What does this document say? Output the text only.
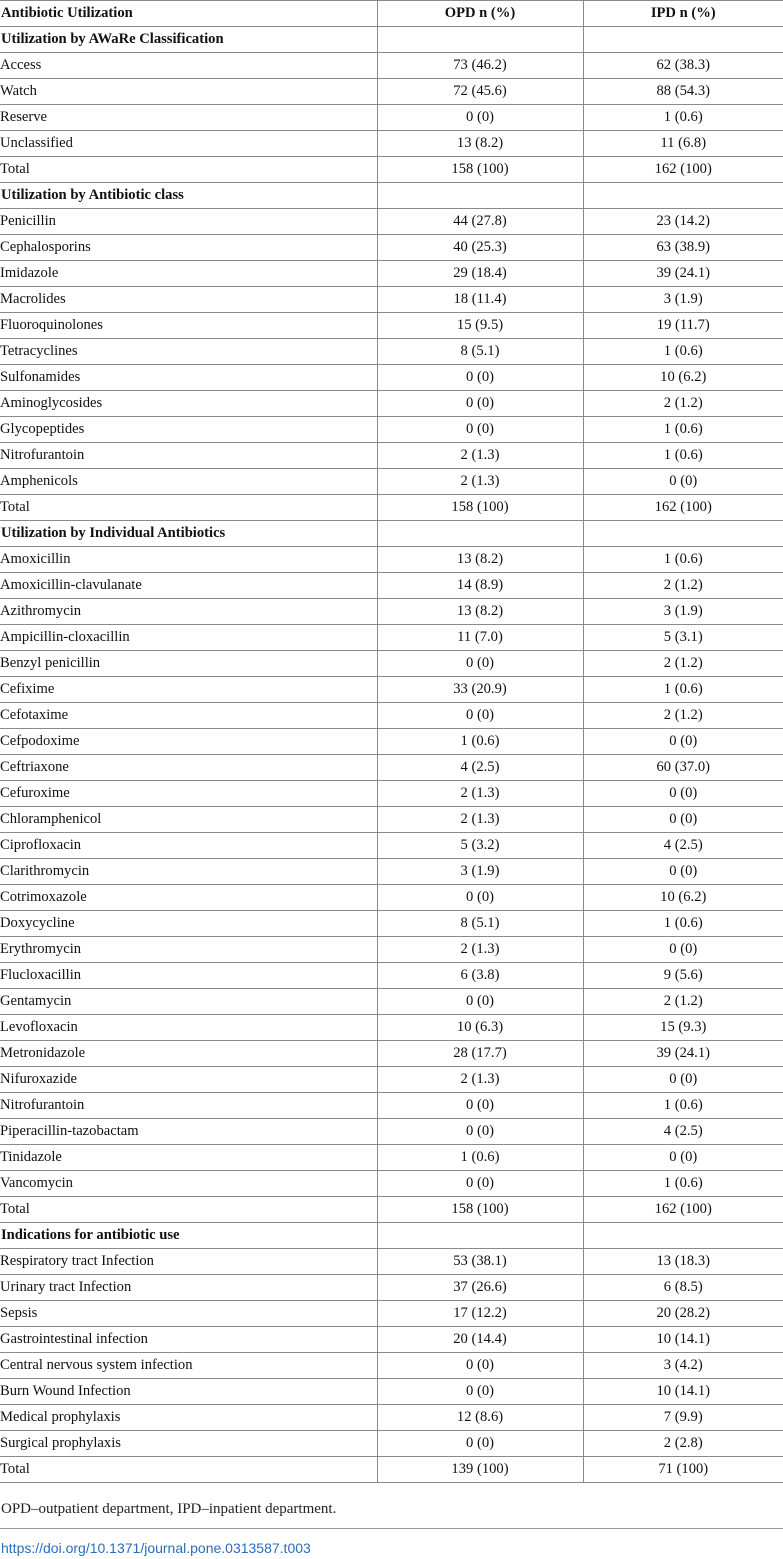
Antibiotic Utilization	OPD n (%)	IPD n (%)
Utilization by AWaRe Classification		
Access	73 (46.2)	62 (38.3)
Watch	72 (45.6)	88 (54.3)
Reserve	0 (0)	1 (0.6)
Unclassified	13 (8.2)	11 (6.8)
Total	158 (100)	162 (100)
Utilization by Antibiotic class		
Penicillin	44 (27.8)	23 (14.2)
Cephalosporins	40 (25.3)	63 (38.9)
Imidazole	29 (18.4)	39 (24.1)
Macrolides	18 (11.4)	3 (1.9)
Fluoroquinolones	15 (9.5)	19 (11.7)
Tetracyclines	8 (5.1)	1 (0.6)
Sulfonamides	0 (0)	10 (6.2)
Aminoglycosides	0 (0)	2 (1.2)
Glycopeptides	0 (0)	1 (0.6)
Nitrofurantoin	2 (1.3)	1 (0.6)
Amphenicols	2 (1.3)	0 (0)
Total	158 (100)	162 (100)
Utilization by Individual Antibiotics		
Amoxicillin	13 (8.2)	1 (0.6)
Amoxicillin-clavulanate	14 (8.9)	2 (1.2)
Azithromycin	13 (8.2)	3 (1.9)
Ampicillin-cloxacillin	11 (7.0)	5 (3.1)
Benzyl penicillin	0 (0)	2 (1.2)
Cefixime	33 (20.9)	1 (0.6)
Cefotaxime	0 (0)	2 (1.2)
Cefpodoxime	1 (0.6)	0 (0)
Ceftriaxone	4 (2.5)	60 (37.0)
Cefuroxime	2 (1.3)	0 (0)
Chloramphenicol	2 (1.3)	0 (0)
Ciprofloxacin	5 (3.2)	4 (2.5)
Clarithromycin	3 (1.9)	0 (0)
Cotrimoxazole	0 (0)	10 (6.2)
Doxycycline	8 (5.1)	1 (0.6)
Erythromycin	2 (1.3)	0 (0)
Flucloxacillin	6 (3.8)	9 (5.6)
Gentamycin	0 (0)	2 (1.2)
Levofloxacin	10 (6.3)	15 (9.3)
Metronidazole	28 (17.7)	39 (24.1)
Nifuroxazide	2 (1.3)	0 (0)
Nitrofurantoin	0 (0)	1 (0.6)
Piperacillin-tazobactam	0 (0)	4 (2.5)
Tinidazole	1 (0.6)	0 (0)
Vancomycin	0 (0)	1 (0.6)
Total	158 (100)	162 (100)
Indications for antibiotic use		
Respiratory tract Infection	53 (38.1)	13 (18.3)
Urinary tract Infection	37 (26.6)	6 (8.5)
Sepsis	17 (12.2)	20 (28.2)
Gastrointestinal infection	20 (14.4)	10 (14.1)
Central nervous system infection	0 (0)	3 (4.2)
Burn Wound Infection	0 (0)	10 (14.1)
Medical prophylaxis	12 (8.6)	7 (9.9)
Surgical prophylaxis	0 (0)	2 (2.8)
Total	139 (100)	71 (100)
OPD–outpatient department, IPD–inpatient department.
https://doi.org/10.1371/journal.pone.0313587.t003
